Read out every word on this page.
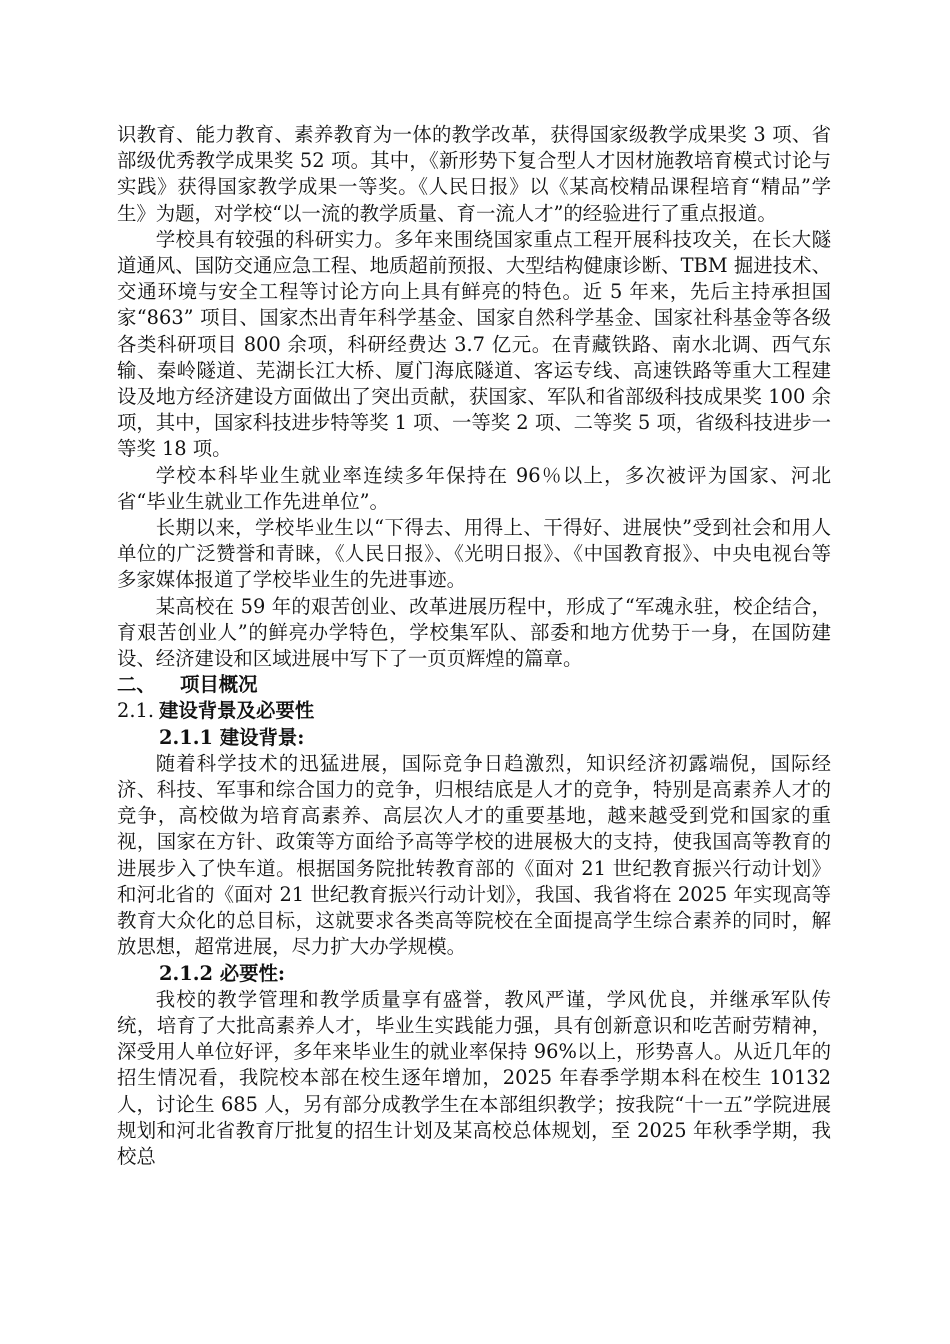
识教育、能力教育、素养教育为一体的教学改革，获得国家级教学成果奖 3 项、省部级优秀教学成果奖 52 项。其中，《新形势下复合型人才因材施教培育模式讨论与实践》获得国家教学成果一等奖。《人民日报》以《某高校精品课程培育“精品”学生》为题，对学校“以一流的教学质量、育一流人才”的经验进行了重点报道。

学校具有较强的科研实力。多年来围绕国家重点工程开展科技攻关，在长大隧道通风、国防交通应急工程、地质超前预报、大型结构健康诊断、TBM 掘进技术、交通环境与安全工程等讨论方向上具有鲜亮的特色。近 5 年来，先后主持承担国家“863” 项目、国家杰出青年科学基金、国家自然科学基金、国家社科基金等各级各类科研项目 800 余项，科研经费达 3.7 亿元。在青藏铁路、南水北调、西气东输、秦岭隧道、芜湖长江大桥、厦门海底隧道、客运专线、高速铁路等重大工程建设及地方经济建设方面做出了突出贡献，获国家、军队和省部级科技成果奖 100 余项，其中，国家科技进步特等奖 1 项、一等奖 2 项、二等奖 5 项，省级科技进步一等奖 18 项。

学校本科毕业生就业率连续多年保持在 96％以上，多次被评为国家、河北省“毕业生就业工作先进单位”。

长期以来，学校毕业生以“下得去、用得上、干得好、进展快”受到社会和用人单位的广泛赞誉和青睐，《人民日报》、《光明日报》、《中国教育报》、中央电视台等多家媒体报道了学校毕业生的先进事迹。

某高校在 59 年的艰苦创业、改革进展历程中，形成了“军魂永驻，校企结合，育艰苦创业人”的鲜亮办学特色，学校集军队、部委和地方优势于一身，在国防建设、经济建设和区域进展中写下了一页页辉煌的篇章。

二、 项目概况
2.1. 建设背景及必要性
2.1.1 建设背景:

随着科学技术的迅猛进展，国际竞争日趋激烈，知识经济初露端倪，国际经济、科技、军事和综合国力的竞争，归根结底是人才的竞争，特别是高素养人才的竞争，高校做为培育高素养、高层次人才的重要基地，越来越受到党和国家的重视，国家在方针、政策等方面给予高等学校的进展极大的支持，使我国高等教育的进展步入了快车道。根据国务院批转教育部的《面对 21 世纪教育振兴行动计划》和河北省的《面对 21 世纪教育振兴行动计划》，我国、我省将在 2025 年实现高等教育大众化的总目标，这就要求各类高等院校在全面提高学生综合素养的同时，解放思想，超常进展，尽力扩大办学规模。

2.1.2 必要性:

我校的教学管理和教学质量享有盛誉，教风严谨，学风优良，并继承军队传统，培育了大批高素养人才，毕业生实践能力强，具有创新意识和吃苦耐劳精神，深受用人单位好评，多年来毕业生的就业率保持 96%以上，形势喜人。从近几年的招生情况看，我院校本部在校生逐年增加，2025 年春季学期本科在校生 10132 人，讨论生 685 人，另有部分成教学生在本部组织教学；按我院“十一五”学院进展规划和河北省教育厅批复的招生计划及某高校总体规划，至 2025 年秋季学期，我校总
